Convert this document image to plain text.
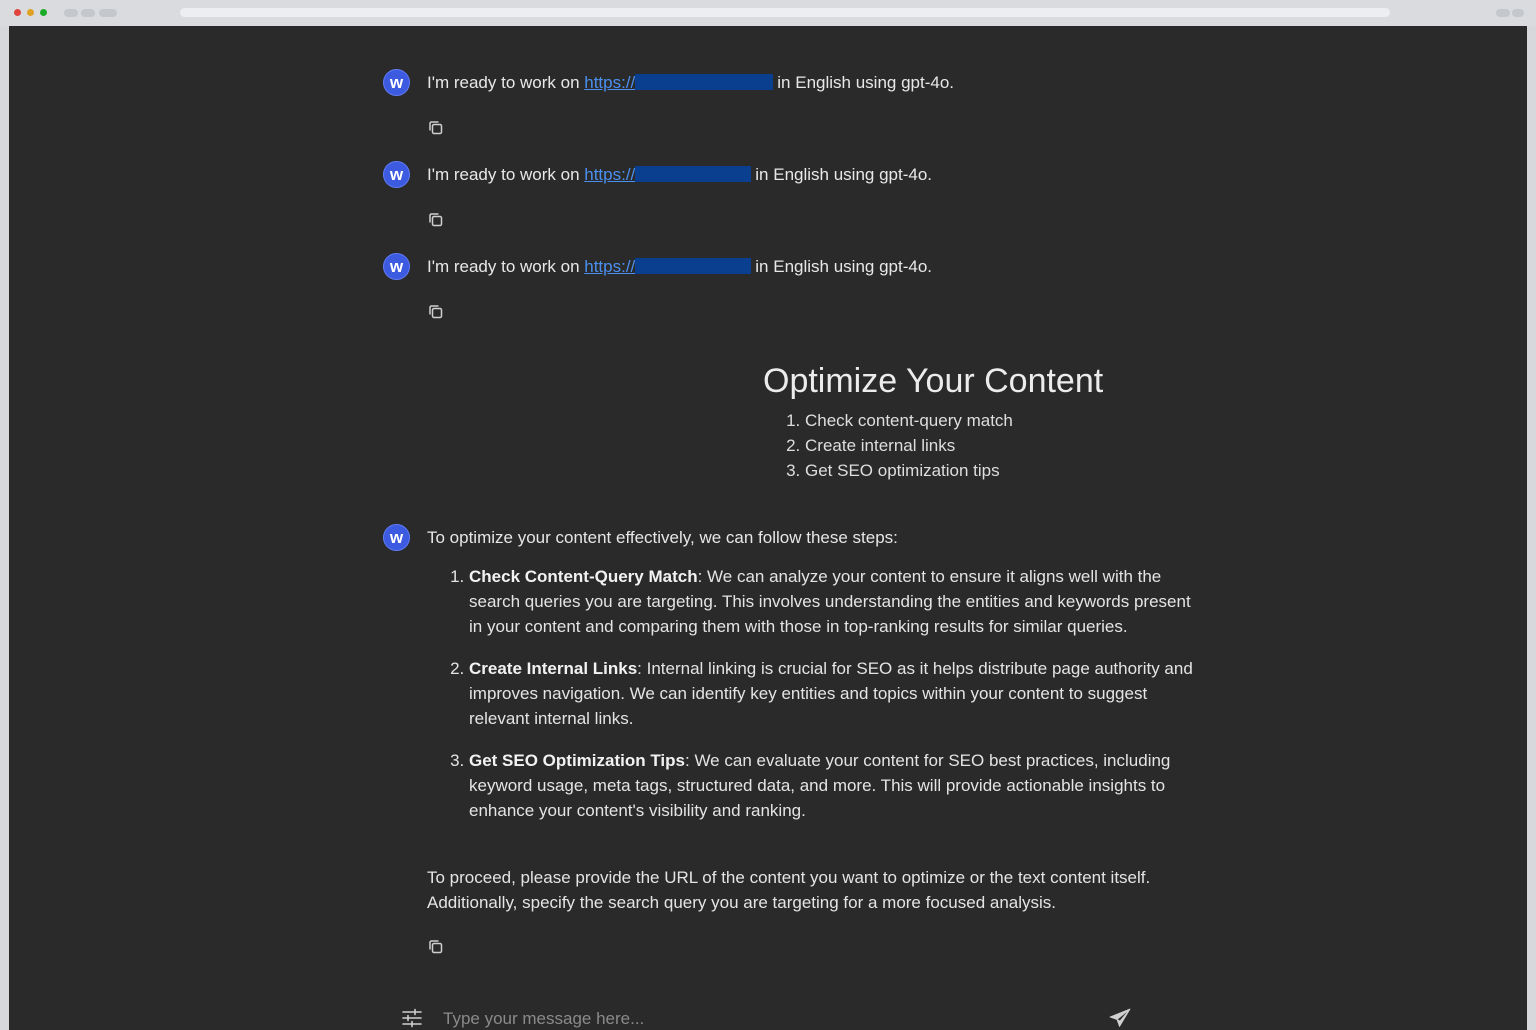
w I'm ready to work on https://	in English using gpt-4o.
w I'm ready to work on https://	in English using gpt-4o.
w I'm ready to work on https://	in English using gpt-4o.
Optimize Your Content
1. Check content-query match
2. Create internal links
3. Get SEO optimization tips
w To optimize your content effectively, we can follow these steps:
1. Check Content-Query Match: We can analyze your content to ensure it aligns well with the search queries you are targeting. This involves understanding the entities and keywords present in your content and comparing them with those in top-ranking results for similar queries.
2. Create Internal Links: Internal linking is crucial for SEO as it helps distribute page authority and improves navigation. We can identify key entities and topics within your content to suggest relevant internal links.
3. Get SEO Optimization Tips: We can evaluate your content for SEO best practices, including keyword usage, meta tags, structured data, and more. This will provide actionable insights to enhance your content's visibility and ranking.
To proceed, please provide the URL of the content you want to optimize or the text content itself. Additionally, specify the search query you are targeting for a more focused analysis.
Type your message here...
